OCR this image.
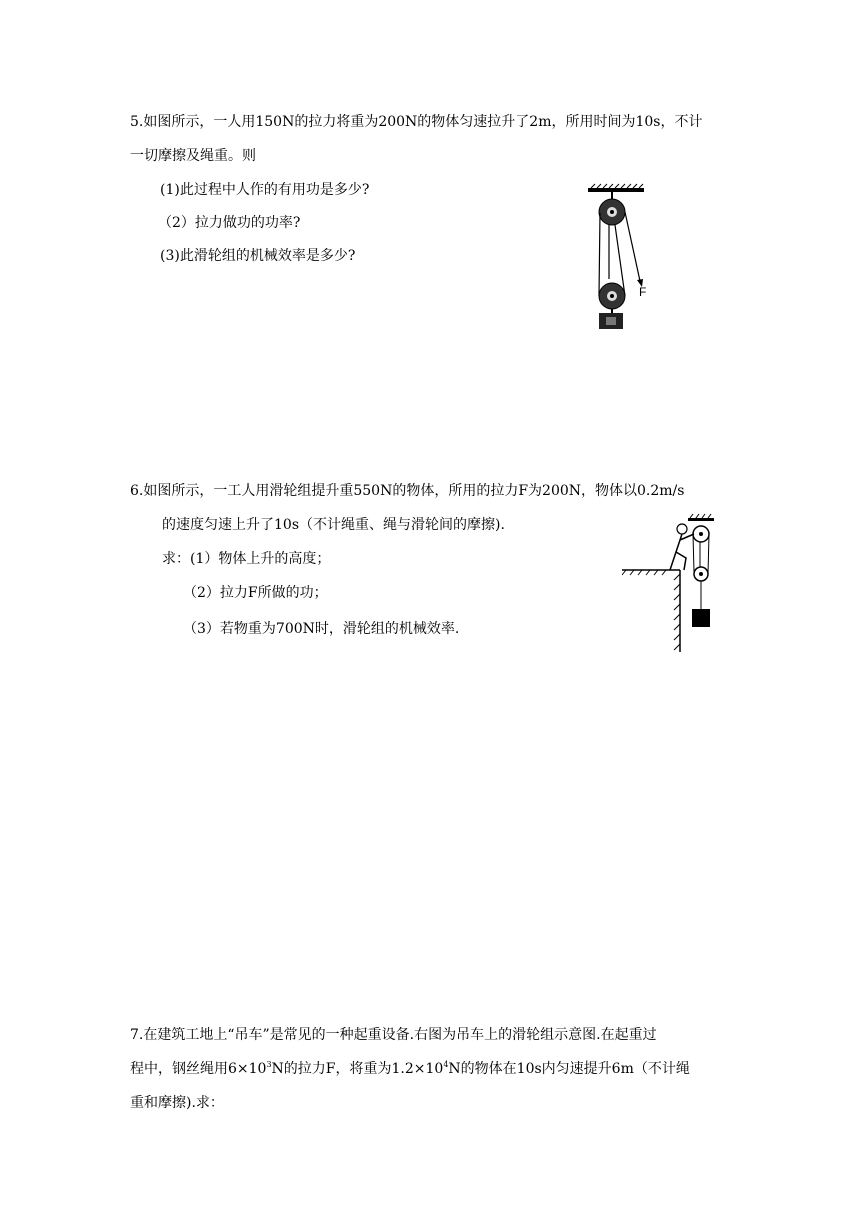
5.如图所示，一人用150N的拉力将重为200N的物体匀速拉升了2m，所用时间为10s，不计
一切摩擦及绳重。则
(1)此过程中人作的有用功是多少?
（2）拉力做功的功率?
(3)此滑轮组的机械效率是多少?
F
6.如图所示，一工人用滑轮组提升重550N的物体，所用的拉力F为200N，物体以0.2m/s
的速度匀速上升了10s（不计绳重、绳与滑轮间的摩擦).
求：(1）物体上升的高度；
（2）拉力F所做的功；
（3）若物重为700N时，滑轮组的机械效率.
7.在建筑工地上“吊车”是常见的一种起重设备.右图为吊车上的滑轮组示意图.在起重过
程中，钢丝绳用$6\times 10^3N$的拉力F，将重为$1.2\times 10^4N$的物体在10s内匀速提升6m（不计绳
重和摩擦).求：
